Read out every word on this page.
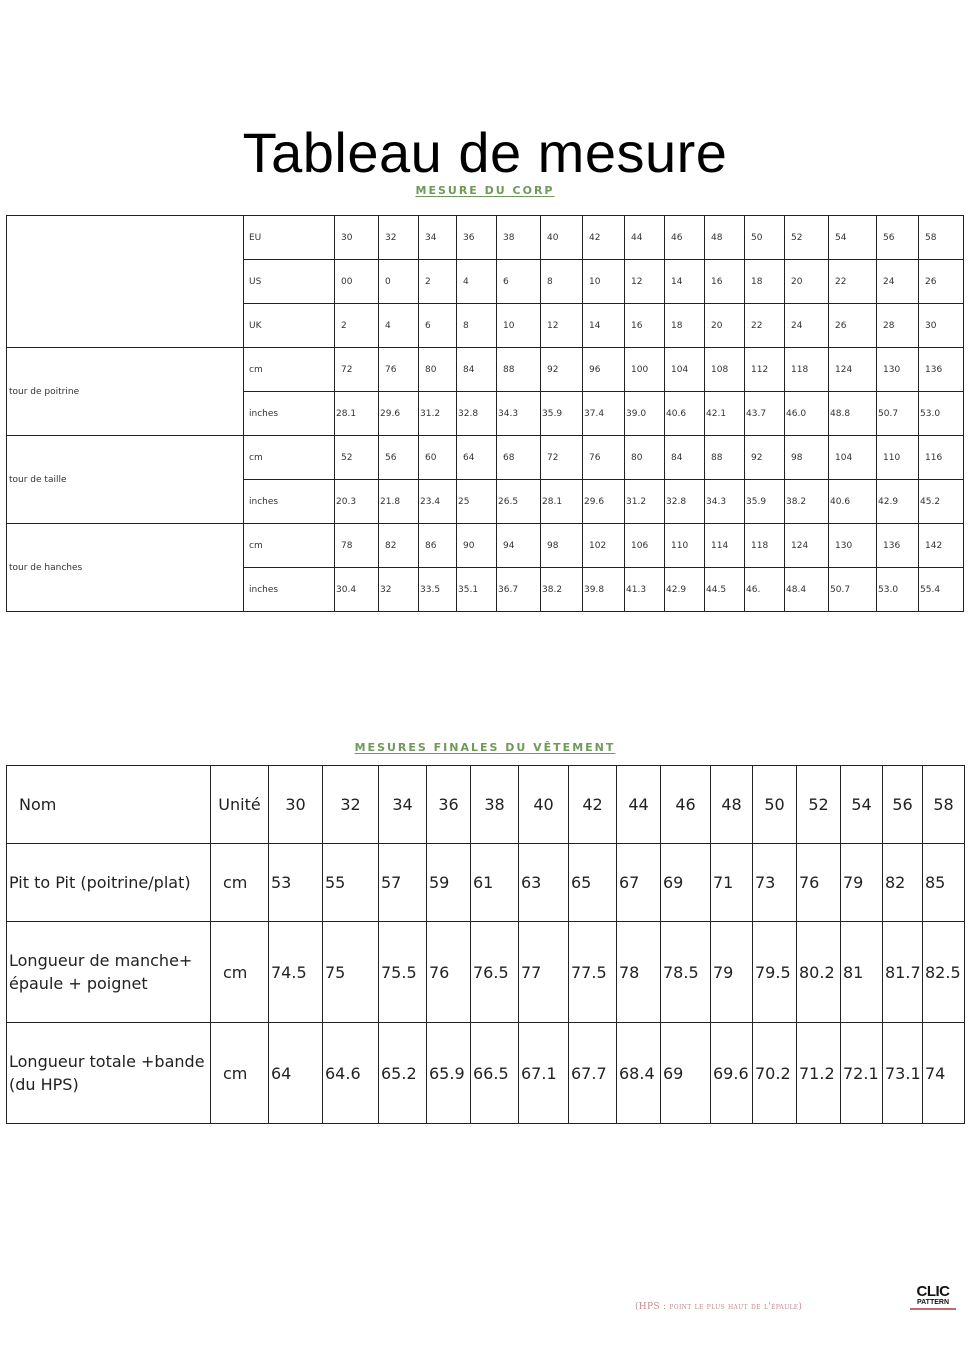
Tableau de mesure
MESURE DU CORP
	EU	30	32	34	36	38	40	42	44	46	48	50	52	54	56	58
	US	00	0	2	4	6	8	10	12	14	16	18	20	22	24	26
	UK	2	4	6	8	10	12	14	16	18	20	22	24	26	28	30
tour de poitrine	cm	72	76	80	84	88	92	96	100	104	108	112	118	124	130	136
	inches	28.1	29.6	31.2	32.8	34.3	35.9	37.4	39.0	40.6	42.1	43.7	46.0	48.8	50.7	53.0
tour de taille	cm	52	56	60	64	68	72	76	80	84	88	92	98	104	110	116
	inches	20.3	21.8	23.4	25	26.5	28.1	29.6	31.2	32.8	34.3	35.9	38.2	40.6	42.9	45.2
tour de hanches	cm	78	82	86	90	94	98	102	106	110	114	118	124	130	136	142
	inches	30.4	32	33.5	35.1	36.7	38.2	39.8	41.3	42.9	44.5	46.	48.4	50.7	53.0	55.4
MESURES FINALES DU VÊTEMENT
Nom	Unité	30	32	34	36	38	40	42	44	46	48	50	52	54	56	58
Pit to Pit (poitrine/plat)	cm	53	55	57	59	61	63	65	67	69	71	73	76	79	82	85
Longueur de manche+ épaule + poignet	cm	74.5	75	75.5	76	76.5	77	77.5	78	78.5	79	79.5	80.2	81	81.7	82.5
Longueur totale +bande (du HPS)	cm	64	64.6	65.2	65.9	66.5	67.1	67.7	68.4	69	69.6	70.2	71.2	72.1	73.1	74
(HPS : point le plus haut de l'épaule)
CLIC
PATTERN
